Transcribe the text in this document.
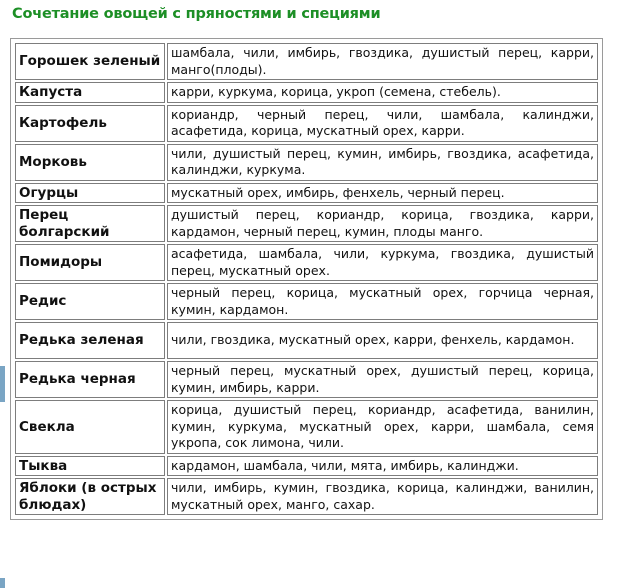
Сочетание овощей с пряностями и специями
Горошек зеленый	шамбала, чили, имбирь, гвоздика, душистый перец, карри, манго(плоды).
Капуста	карри, куркума, корица, укроп (семена, стебель).
Картофель	кориандр, черный перец, чили, шамбала, калинджи, асафетида, корица, мускатный орех, карри.
Морковь	чили, душистый перец, кумин, имбирь, гвоздика, асафетида, калинджи, куркума.
Огурцы	мускатный орех, имбирь, фенхель, черный перец.
Перец болгарский	душистый перец, кориандр, корица, гвоздика, карри, кардамон, черный перец, кумин, плоды манго.
Помидоры	асафетида, шамбала, чили, куркума, гвоздика, душистый перец, мускатный орех.
Редис	черный перец, корица, мускатный орех, горчица черная, кумин, кардамон.
Редька зеленая	чили, гвоздика, мускатный орех, карри, фенхель, кардамон.
Редька черная	черный перец, мускатный орех, душистый перец, корица, кумин, имбирь, карри.
Свекла	корица, душистый перец, кориандр, асафетида, ванилин, кумин, куркума, мускатный орех, карри, шамбала, семя укропа, сок лимона, чили.
Тыква	кардамон, шамбала, чили, мята, имбирь, калинджи.
Яблоки (в острых блюдах)	чили, имбирь, кумин, гвоздика, корица, калинджи, ванилин, мускатный орех, манго, сахар.
